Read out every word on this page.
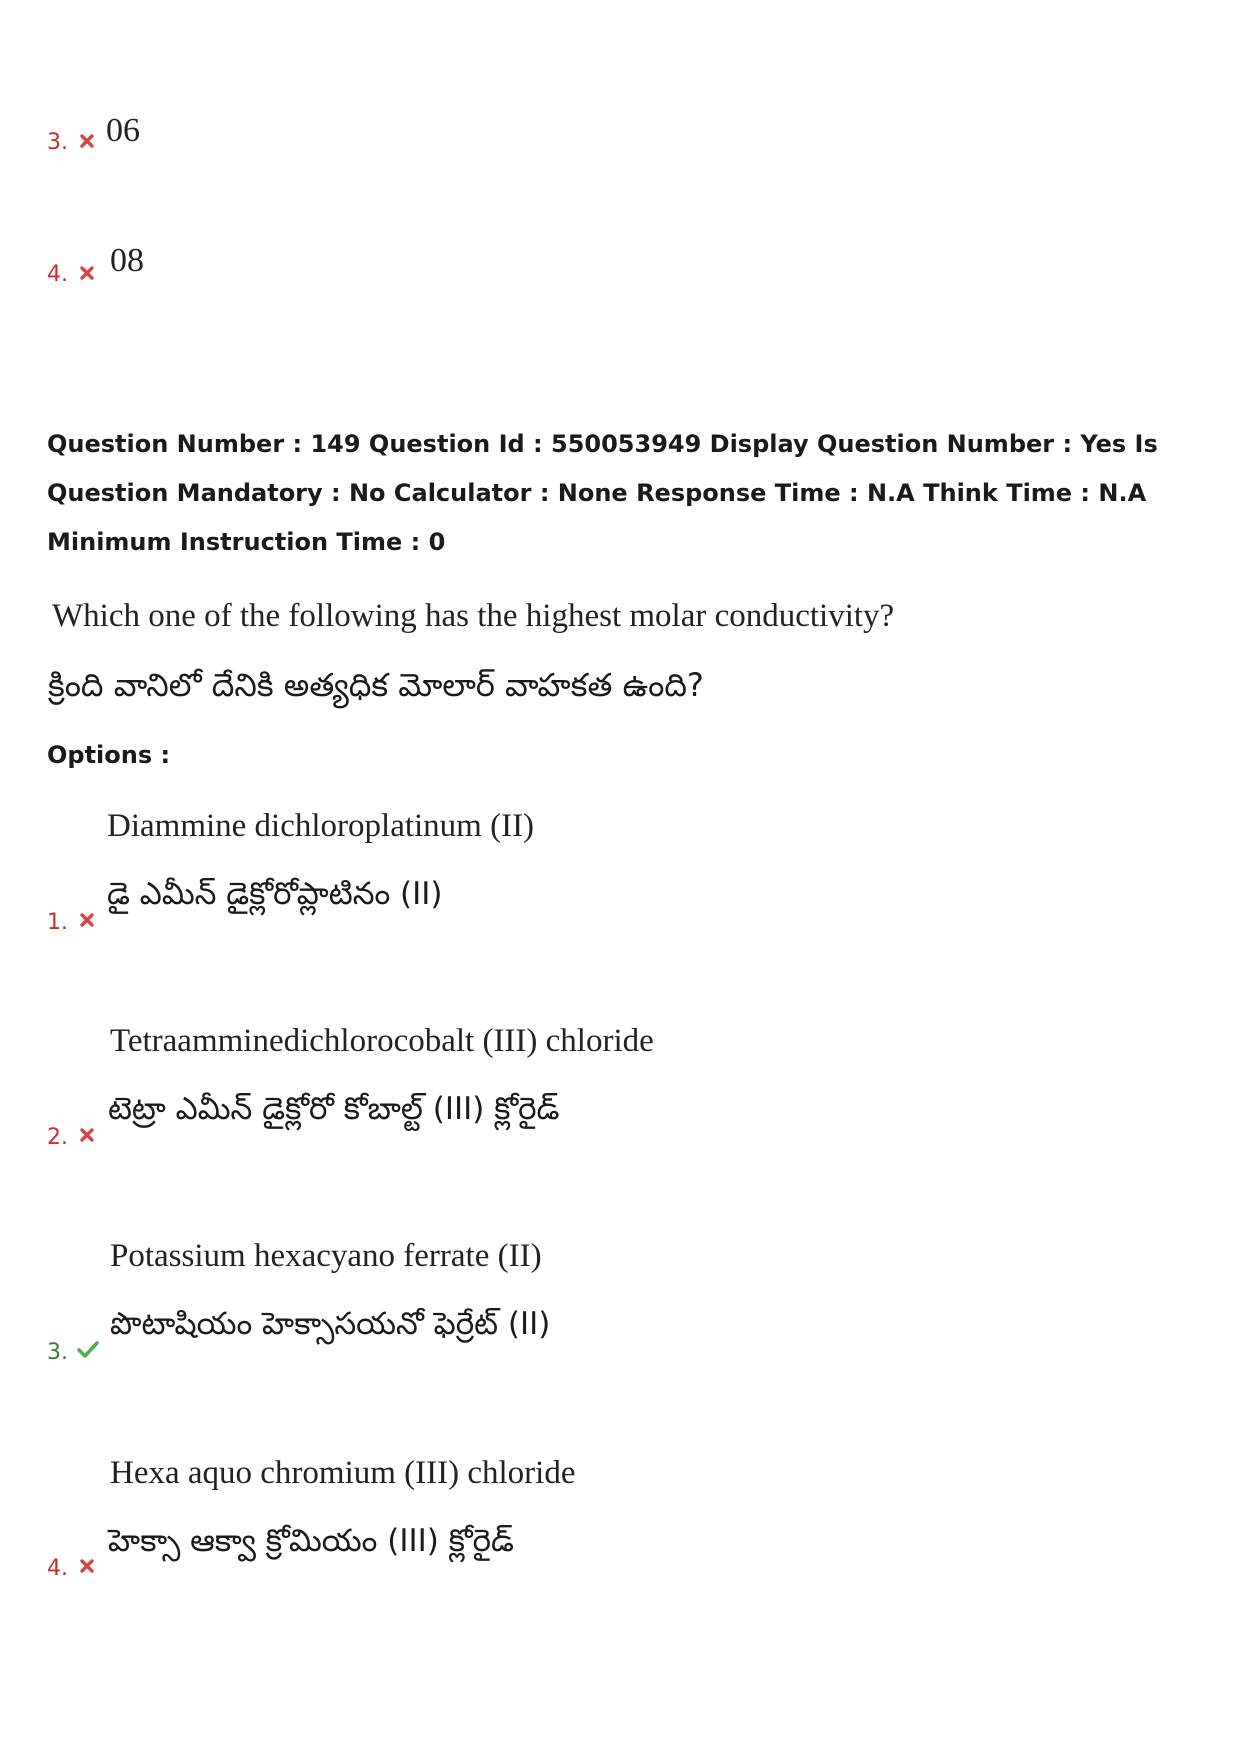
3. 06
4. 08

Question Number : 149 Question Id : 550053949 Display Question Number : Yes Is Question Mandatory : No Calculator : None Response Time : N.A Think Time : N.A Minimum Instruction Time : 0

Which one of the following has the highest molar conductivity?
క్రింది వానిలో దేనికి అత్యధిక మోలార్ వాహకత ఉంది?
Options :
Diammine dichloroplatinum (II)
డై ఎమీన్ డైక్లోరోప్లాటినం (II)
1.
Tetraamminedichlorocobalt (III) chloride
టెట్రా ఎమీన్ డైక్లోరో కోబాల్ట్ (III) క్లోరైడ్
2.
Potassium hexacyano ferrate (II)
పొటాషియం హెక్సాసయనో ఫెర్రేట్ (II)
3.
Hexa aquo chromium (III) chloride
హెక్సా ఆక్వా క్రోమియం (III) క్లోరైడ్
4.
